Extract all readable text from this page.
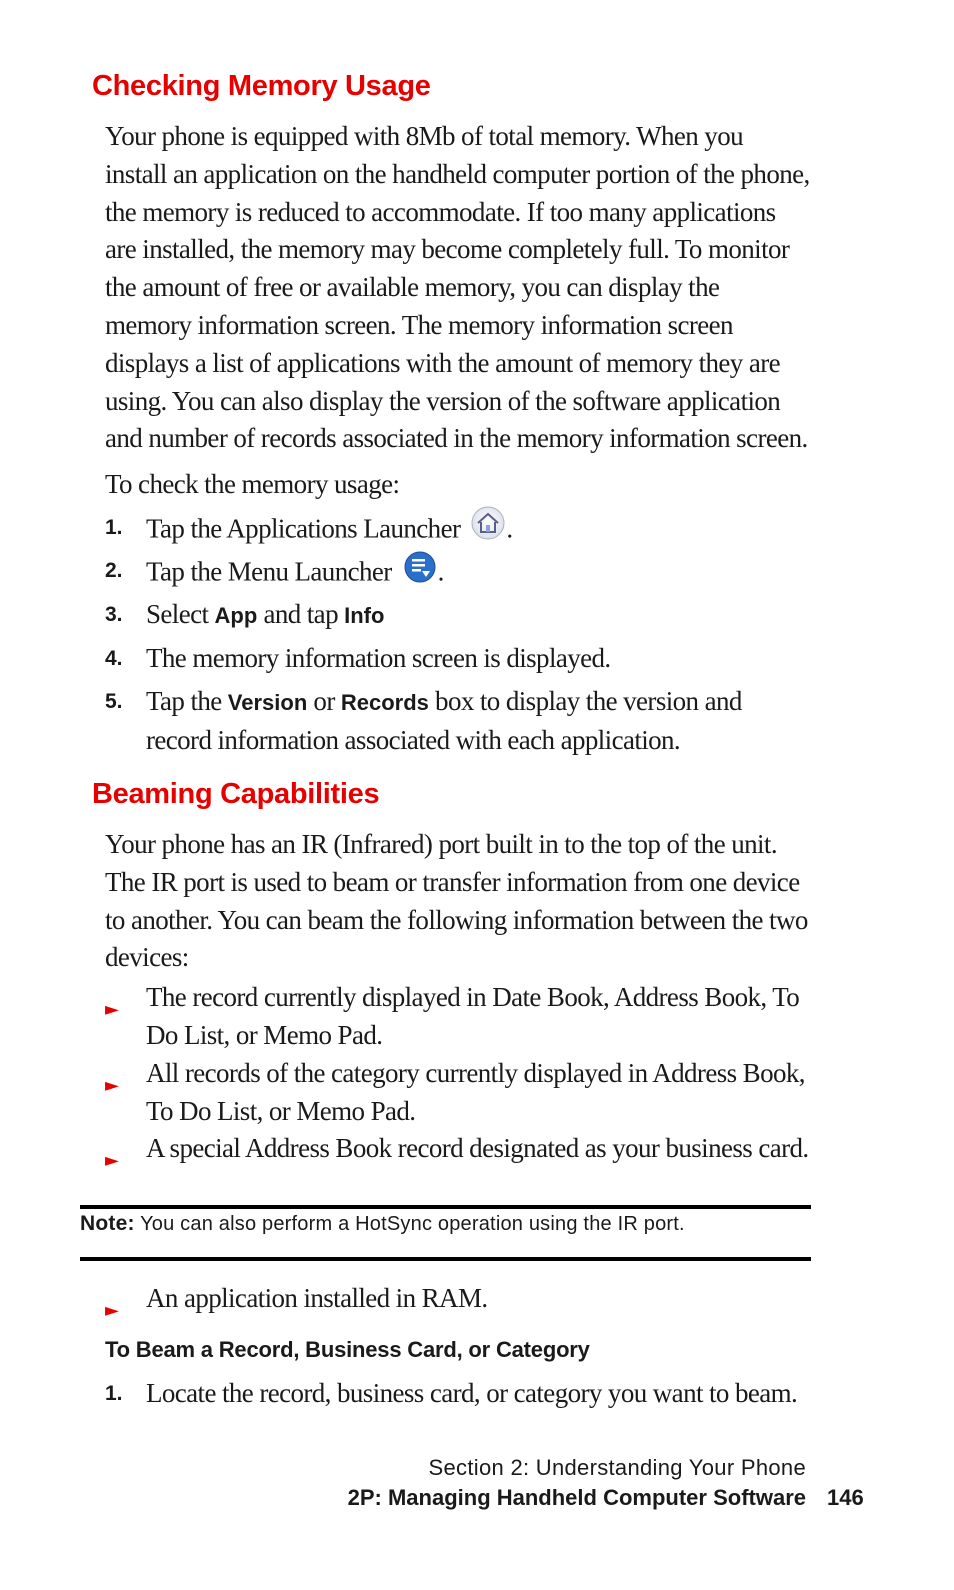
Checking Memory Usage

Your phone is equipped with 8Mb of total memory. When you install an application on the handheld computer portion of the phone, the memory is reduced to accommodate. If too many applications are installed, the memory may become completely full. To monitor the amount of free or available memory, you can display the memory information screen. The memory information screen displays a list of applications with the amount of memory they are using. You can also display the version of the software application and number of records associated in the memory information screen.

To check the memory usage:

1. Tap the Applications Launcher .
2. Tap the Menu Launcher .
3. Select App and tap Info
4. The memory information screen is displayed.
5. Tap the Version or Records box to display the version and record information associated with each application.
Beaming Capabilities

Your phone has an IR (Infrared) port built in to the top of the unit. The IR port is used to beam or transfer information from one device to another. You can beam the following information between the two devices:

► The record currently displayed in Date Book, Address Book, To Do List, or Memo Pad.
► All records of the category currently displayed in Address Book, To Do List, or Memo Pad.
► A special Address Book record designated as your business card.
Note: You can also perform a HotSync operation using the IR port.
► An application installed in RAM.
To Beam a Record, Business Card, or Category
1. Locate the record, business card, or category you want to beam.
Section 2: Understanding Your Phone
2P: Managing Handheld Computer Software 146
